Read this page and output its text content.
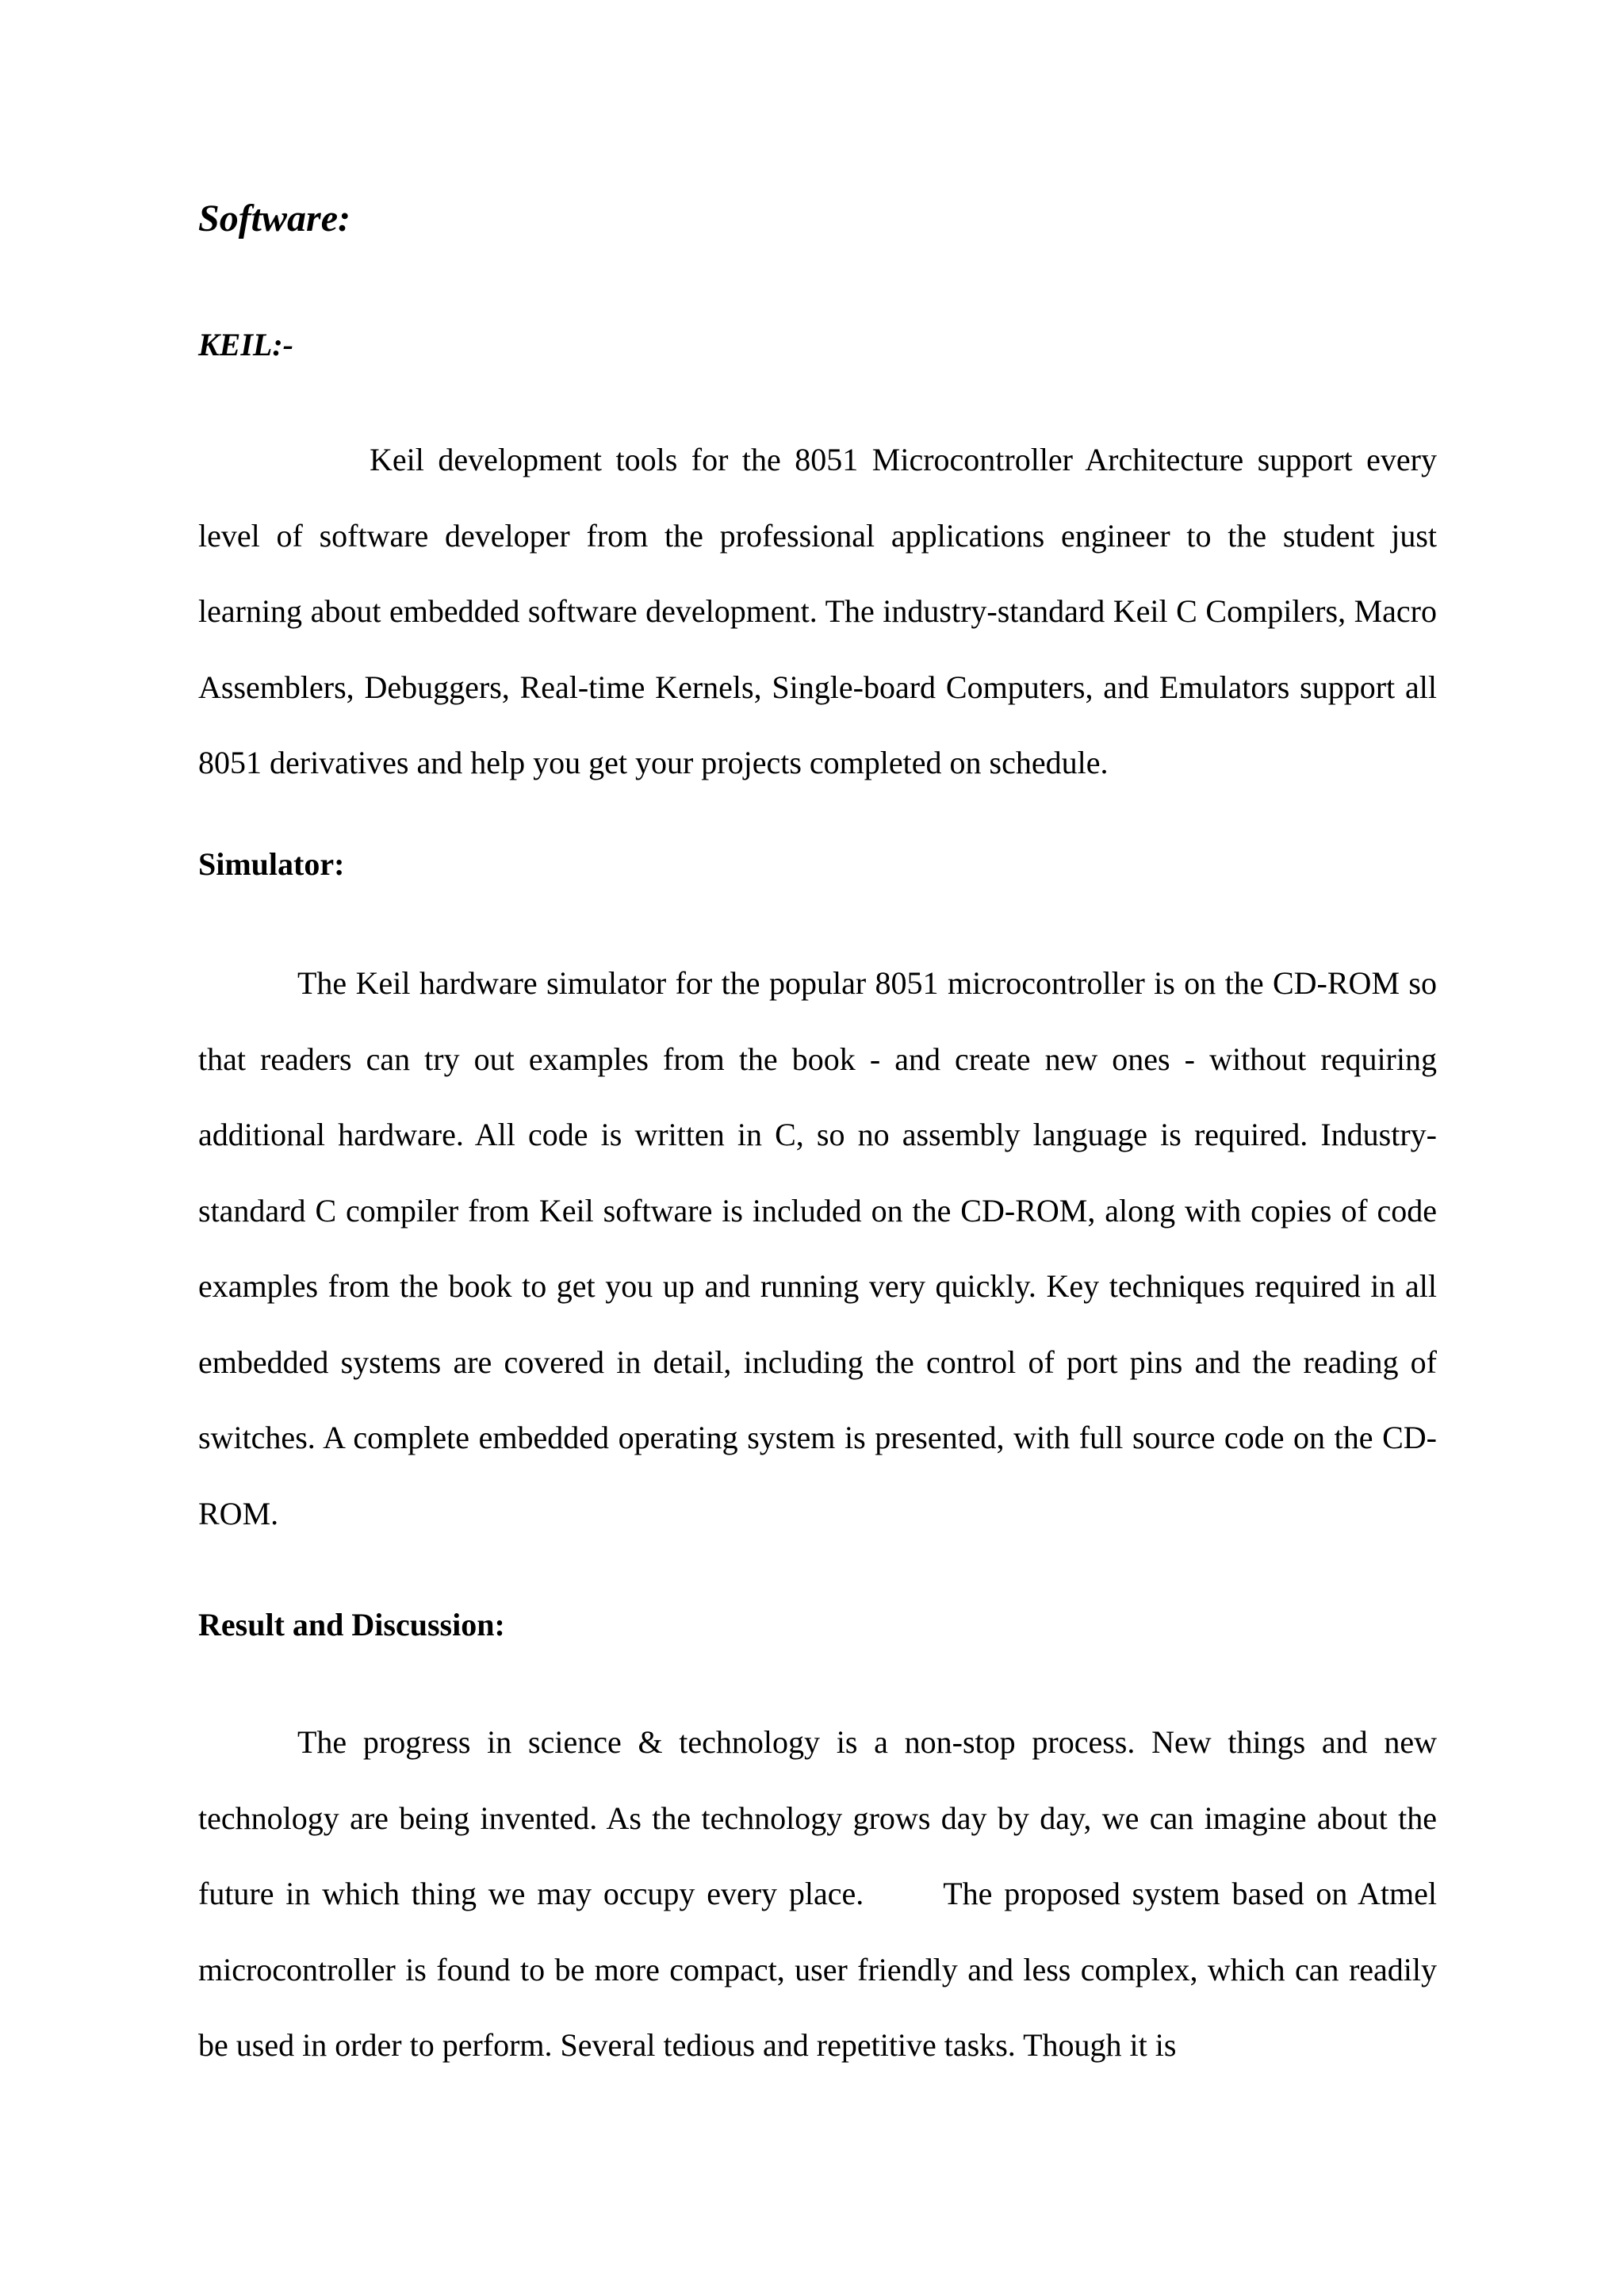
Software:
KEIL:-

Keil development tools for the 8051 Microcontroller Architecture support every level of software developer from the professional applications engineer to the student just learning about embedded software development. The industry-standard Keil C Compilers, Macro Assemblers, Debuggers, Real-time Kernels, Single-board Computers, and Emulators support all 8051 derivatives and help you get your projects completed on schedule.

Simulator:

The Keil hardware simulator for the popular 8051 microcontroller is on the CD-ROM so that readers can try out examples from the book - and create new ones - without requiring additional hardware. All code is written in C, so no assembly language is required. Industry-standard C compiler from Keil software is included on the CD-ROM, along with copies of code examples from the book to get you up and running very quickly. Key techniques required in all embedded systems are covered in detail, including the control of port pins and the reading of switches. A complete embedded operating system is presented, with full source code on the CD-ROM.

Result and Discussion:

The progress in science & technology is a non-stop process. New things and new technology are being invented. As the technology grows day by day, we can imagine about the future in which thing we may occupy every place.	The proposed system based on Atmel microcontroller is found to be more compact, user friendly and less complex, which can readily be used in order to perform. Several tedious and repetitive tasks. Though it is
